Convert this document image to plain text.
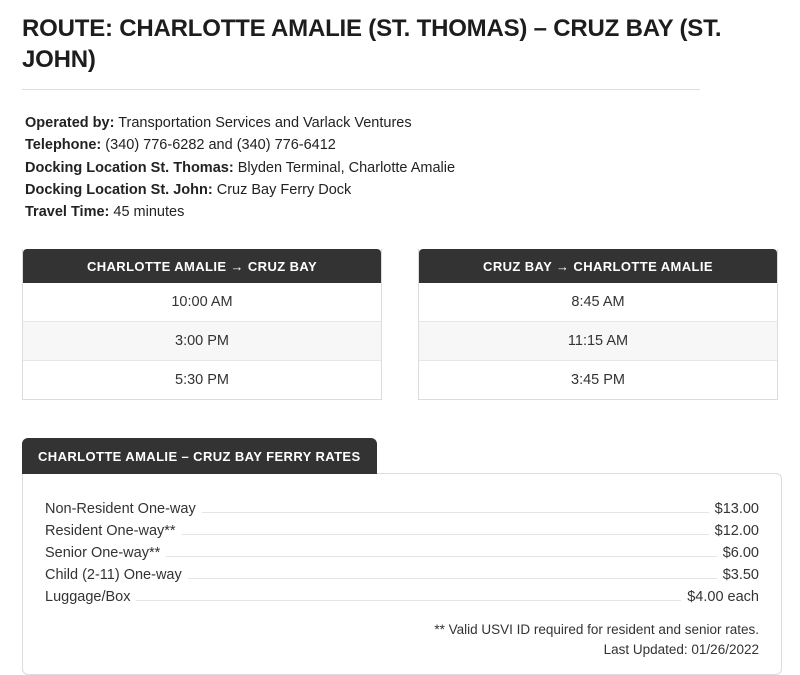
ROUTE: CHARLOTTE AMALIE (ST. THOMAS) – CRUZ BAY (ST. JOHN)
Operated by: Transportation Services and Varlack Ventures
Telephone: (340) 776-6282 and (340) 776-6412
Docking Location St. Thomas: Blyden Terminal, Charlotte Amalie
Docking Location St. John: Cruz Bay Ferry Dock
Travel Time: 45 minutes
CHARLOTTE AMALIE → CRUZ BAY
10:00 AM
3:00 PM
5:30 PM
CRUZ BAY → CHARLOTTE AMALIE
8:45 AM
11:15 AM
3:45 PM
CHARLOTTE AMALIE – CRUZ BAY FERRY RATES
Non-Resident One-way	$13.00
Resident One-way**	$12.00
Senior One-way**	$6.00
Child (2-11) One-way	$3.50
Luggage/Box	$4.00 each
** Valid USVI ID required for resident and senior rates.
Last Updated: 01/26/2022
